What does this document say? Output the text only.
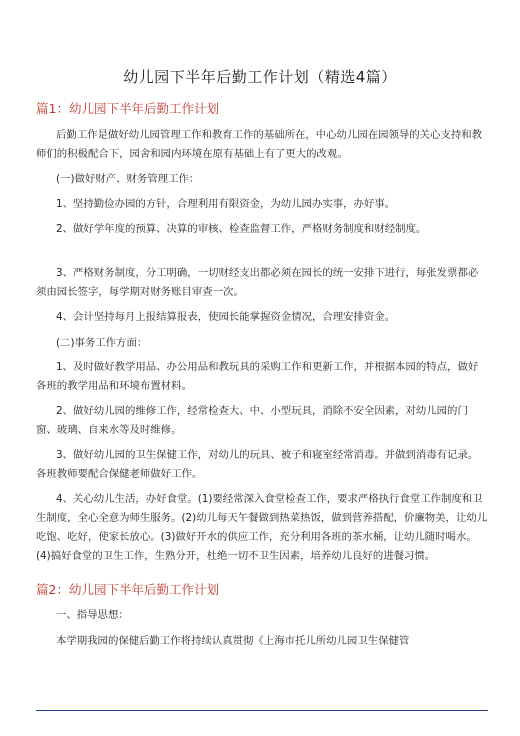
幼儿园下半年后勤工作计划（精选4篇）
篇1：幼儿园下半年后勤工作计划

后勤工作是做好幼儿园管理工作和教育工作的基础所在，中心幼儿园在园领导的关心支持和教师们的积极配合下，园舍和园内环境在原有基础上有了更大的改观。

(一)做好财产、财务管理工作：

1、坚持勤俭办园的方针，合理利用有限资金，为幼儿园办实事，办好事。

2、做好学年度的预算、决算的审核、检查监督工作，严格财务制度和财经制度。

3、严格财务制度，分工明确，一切财经支出都必须在园长的统一安排下进行，每张发票都必须由园长签字，每学期对财务账目审查一次。

4、会计坚持每月上报结算报表，使园长能掌握资金情况，合理安排资金。

(二)事务工作方面：

1、及时做好教学用品、办公用品和教玩具的采购工作和更新工作，并根据本园的特点，做好各班的教学用品和环境布置材料。

2、做好幼儿园的维修工作，经常检查大、中、小型玩具，消除不安全因素，对幼儿园的门窗、玻璃、自来水等及时维修。

3、做好幼儿园的卫生保健工作，对幼儿的玩具、被子和寝室经常消毒。并做到消毒有记录。各班教师要配合保健老师做好工作。

4、关心幼儿生活，办好食堂。(1)要经常深入食堂检查工作，要求严格执行食堂工作制度和卫生制度，全心全意为师生服务。(2)幼儿每天午餐做到热菜热饭，做到营养搭配，价廉物美，让幼儿吃饱、吃好，使家长放心。(3)做好开水的供应工作，充分利用各班的茶水桶，让幼儿随时喝水。(4)搞好食堂的卫生工作，生熟分开，杜绝一切不卫生因素，培养幼儿良好的进餐习惯。

篇2：幼儿园下半年后勤工作计划

一、指导思想：

本学期我园的保健后勤工作将持续认真贯彻《上海市托儿所幼儿园卫生保健管
